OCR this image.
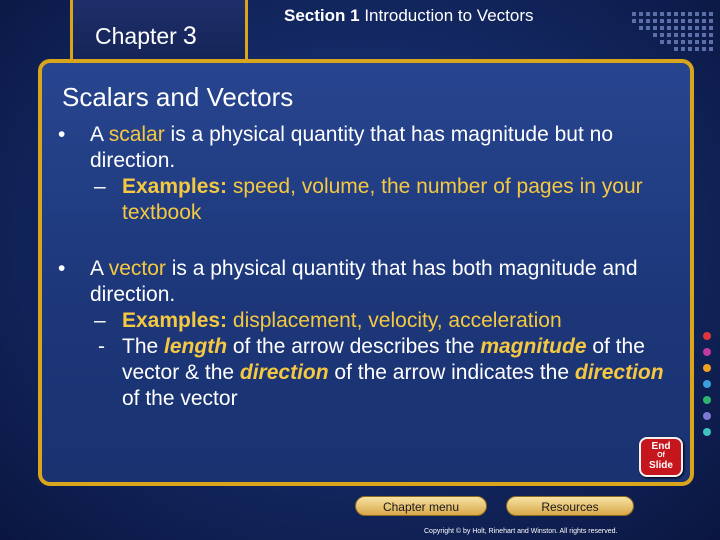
Chapter 3
Section 1 Introduction to Vectors
Scalars and Vectors
• A scalar is a physical quantity that has magnitude but no direction.
– Examples: speed, volume, the number of pages in your textbook
• A vector is a physical quantity that has both magnitude and direction.
– Examples: displacement, velocity, acceleration
- The length of the arrow describes the magnitude of the vector & the direction of the arrow indicates the direction of the vector
End
Of
Slide
Chapter menu	Resources
Copyright © by Holt, Rinehart and Winston. All rights reserved.
